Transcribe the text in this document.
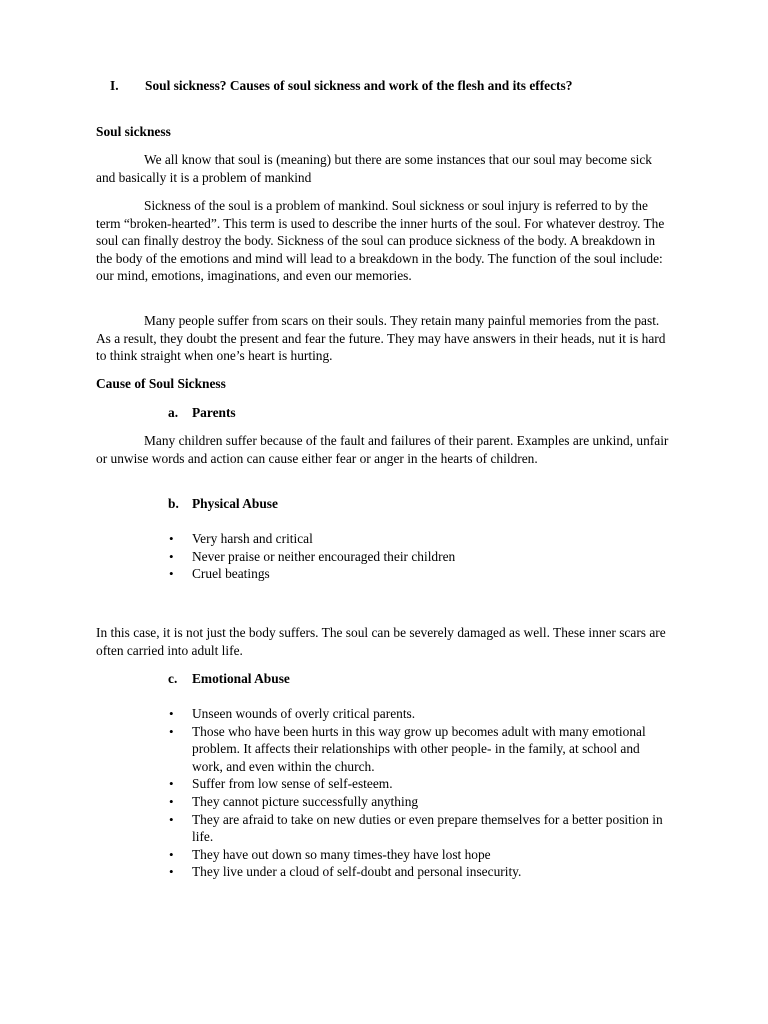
I. Soul sickness? Causes of soul sickness and work of the flesh and its effects?
Soul sickness

We all know that soul is (meaning) but there are some instances that our soul may become sick and basically it is a problem of mankind

Sickness of the soul is a problem of mankind. Soul sickness or soul injury is referred to by the term “broken-hearted”. This term is used to describe the inner hurts of the soul. For whatever destroy. The soul can finally destroy the body. Sickness of the soul can produce sickness of the body. A breakdown in the body of the emotions and mind will lead to a breakdown in the body. The function of the soul include: our mind, emotions, imaginations, and even our memories.

Many people suffer from scars on their souls. They retain many painful memories from the past. As a result, they doubt the present and fear the future. They may have answers in their heads, nut it is hard to think straight when one’s heart is hurting.

Cause of Soul Sickness
a. Parents

Many children suffer because of the fault and failures of their parent. Examples are unkind, unfair or unwise words and action can cause either fear or anger in the hearts of children.

b. Physical Abuse
• Very harsh and critical
• Never praise or neither encouraged their children
• Cruel beatings

In this case, it is not just the body suffers. The soul can be severely damaged as well. These inner scars are often carried into adult life.

c. Emotional Abuse
• Unseen wounds of overly critical parents.
• Those who have been hurts in this way grow up becomes adult with many emotional problem. It affects their relationships with other people- in the family, at school and work, and even within the church.
• Suffer from low sense of self-esteem.
• They cannot picture successfully anything
• They are afraid to take on new duties or even prepare themselves for a better position in life.
• They have out down so many times-they have lost hope
• They live under a cloud of self-doubt and personal insecurity.
